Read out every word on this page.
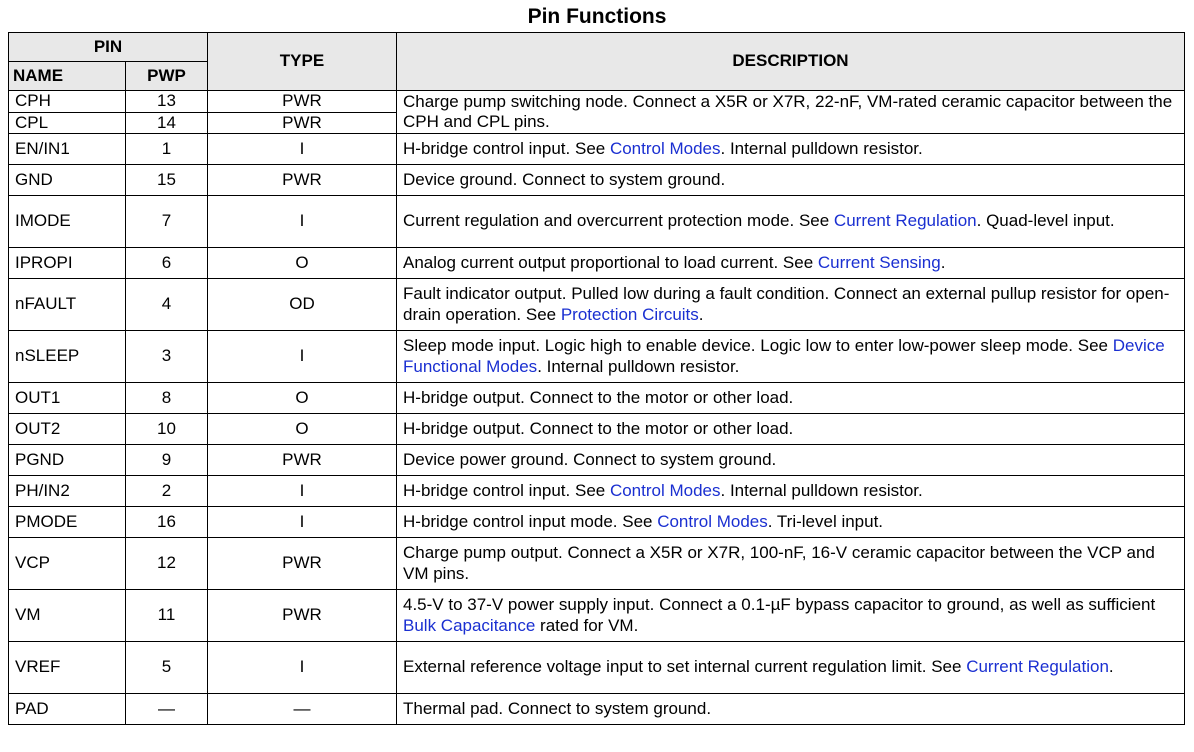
Pin Functions
PIN		TYPE	DESCRIPTION
NAME	PWP		
CPH	13	PWR	Charge pump switching node. Connect a X5R or X7R, 22-nF, VM-rated ceramic capacitor between the CPH and CPL pins.
CPL	14	PWR	
EN/IN1	1	I	H-bridge control input. See Control Modes. Internal pulldown resistor.
GND	15	PWR	Device ground. Connect to system ground.
IMODE	7	I	Current regulation and overcurrent protection mode. See Current Regulation. Quad-level input.
IPROPI	6	O	Analog current output proportional to load current. See Current Sensing.
nFAULT	4	OD	Fault indicator output. Pulled low during a fault condition. Connect an external pullup resistor for open-drain operation. See Protection Circuits.
nSLEEP	3	I	Sleep mode input. Logic high to enable device. Logic low to enter low-power sleep mode. See Device Functional Modes. Internal pulldown resistor.
OUT1	8	O	H-bridge output. Connect to the motor or other load.
OUT2	10	O	H-bridge output. Connect to the motor or other load.
PGND	9	PWR	Device power ground. Connect to system ground.
PH/IN2	2	I	H-bridge control input. See Control Modes. Internal pulldown resistor.
PMODE	16	I	H-bridge control input mode. See Control Modes. Tri-level input.
VCP	12	PWR	Charge pump output. Connect a X5R or X7R, 100-nF, 16-V ceramic capacitor between the VCP and VM pins.
VM	11	PWR	4.5-V to 37-V power supply input. Connect a 0.1-µF bypass capacitor to ground, as well as sufficient Bulk Capacitance rated for VM.
VREF	5	I	External reference voltage input to set internal current regulation limit. See Current Regulation.
PAD	—	—	Thermal pad. Connect to system ground.
